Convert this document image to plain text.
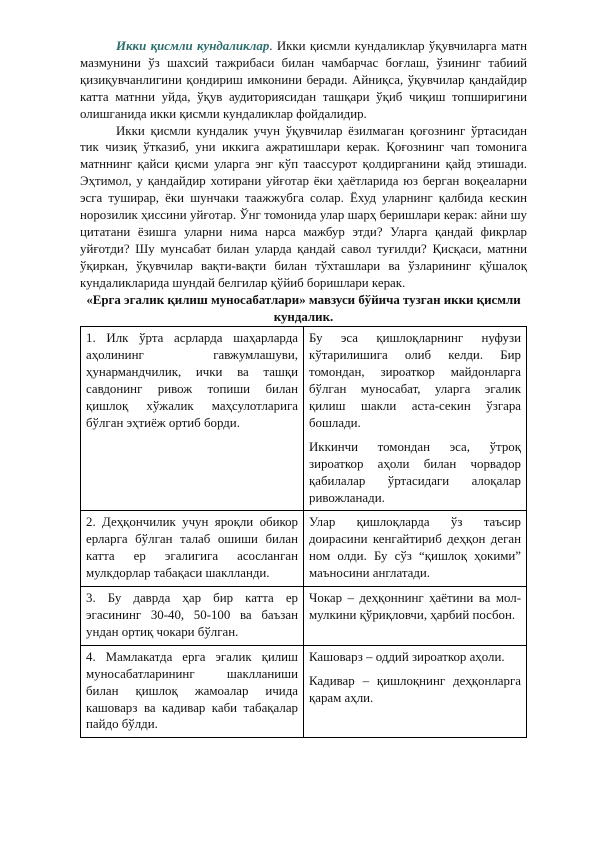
Икки қисмли кундаликлар. Икки қисмли кундаликлар ўқувчиларга матн мазмунини ўз шахсий тажрибаси билан чамбарчас боғлаш, ўзининг табиий қизиқувчанлигини қондириш имконини беради. Айниқса, ўқувчилар қандайдир катта матнни уйда, ўқув аудиториясидан ташқари ўқиб чиқиш топширигини олишганида икки қисмли кундаликлар фойдалидир.

Икки қисмли кундалик учун ўқувчилар ёзилмаган қоғознинг ўртасидан тик чизиқ ўтказиб, уни иккига ажратишлари керак. Қоғознинг чап томонига матннинг қайси қисми уларга энг кўп таассурот қолдирганини қайд этишади. Эҳтимол, у қандайдир хотирани уйғотар ёки ҳаётларида юз берган воқеаларни эсга туширар, ёки шунчаки таажжубга солар. Ёхуд уларнинг қалбида кескин норозилик ҳиссини уйғотар. Ўнг томонида улар шарҳ беришлари керак: айни шу цитатани ёзишга уларни нима нарса мажбур этди? Уларга қандай фикрлар уйғотди? Шу мунсабат билан уларда қандай савол туғилди? Қисқаси, матнни ўқиркан, ўқувчилар вақти-вақти билан тўхташлари ва ўзларининг қўшалоқ кундаликларида шундай белгилар қўйиб боришлари керак.

«Ерга эгалик қилиш муносабатлари» мавзуси бўйича тузган икки қисмли кундалик.

1. Илк ўрта асрларда шаҳарларда аҳолининг гавжумлашуви, ҳунармандчилик, ички ва ташқи савдонинг ривож топиши билан қишлоқ хўжалик маҳсулотларига бўлган эҳтиёж ортиб борди.	Бу эса қишлоқларнинг нуфузи кўтарилишига олиб келди. Бир томондан, зироаткор майдонларга бўлган муносабат, уларга эгалик қилиш шакли аста-секин ўзгара бошлади.

Иккинчи томондан эса, ўтроқ зироаткор аҳоли билан чорвадор қабилалар ўртасидаги алоқалар ривожланади.

2. Деҳқончилик учун яроқли обикор ерларга бўлган талаб ошиши билан катта ер эгалигига асосланган мулкдорлар табақаси шаклланди.	Улар қишлоқларда ўз таъсир доирасини кенгайтириб деҳқон деган ном олди. Бу сўз “қишлоқ ҳокими” маъносини англатади.

3. Бу даврда ҳар бир катта ер эгасининг 30-40, 50-100 ва баъзан ундан ортиқ чокари бўлган.	Чокар – деҳқоннинг ҳаётини ва мол-мулкини қўриқловчи, ҳарбий посбон.

4. Мамлакатда ерга эгалик қилиш муносабатларининг шаклланиши билан қишлоқ жамоалар ичида кашоварз ва кадивар каби табақалар пайдо бўлди.	Кашоварз – оддий зироаткор аҳоли.

Кадивар – қишлоқнинг деҳқонларга қарам аҳли.
